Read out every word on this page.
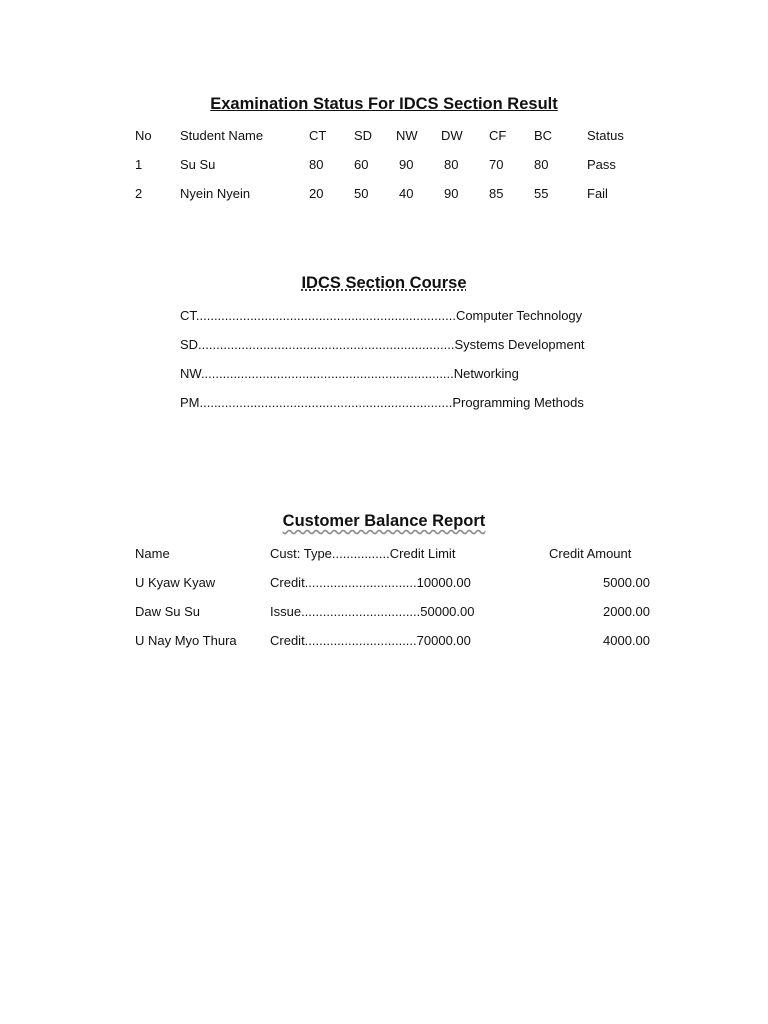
Examination Status For IDCS Section Result
No Student Name	CT SD NW DW CF BC	Status
1	Su Su	80 60 90 80 70 80	Pass
2	Nyein Nyein	20 50 40 90 85 55	Fail
IDCS Section Course
CT........................................................................Computer Technology
SD.......................................................................Systems Development
NW......................................................................Networking
PM......................................................................Programming Methods
Customer Balance Report
Name	Cust: Type................Credit Limit	Credit Amount
U Kyaw Kyaw	Credit...............................10000.00	5000.00
Daw Su Su	Issue.................................50000.00	2000.00
U Nay Myo Thura	Credit...............................70000.00	4000.00
